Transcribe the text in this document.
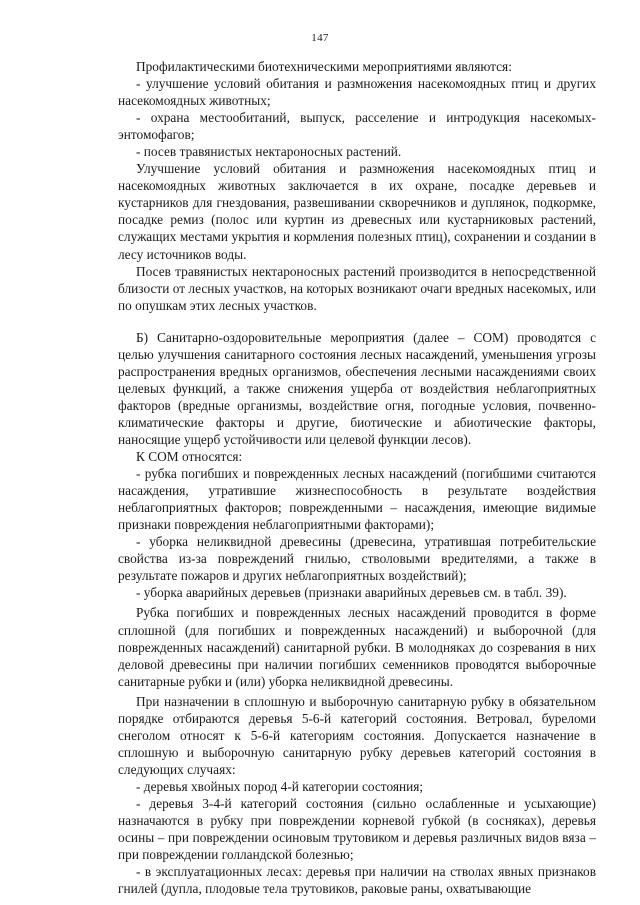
147

Профилактическими биотехническими мероприятиями являются:

- улучшение условий обитания и размножения насекомоядных птиц и других насекомоядных животных;

- охрана местообитаний, выпуск, расселение и интродукция насекомых-энтомофагов;

- посев травянистых нектароносных растений.

Улучшение условий обитания и размножения насекомоядных птиц и насекомоядных животных заключается в их охране, посадке деревьев и кустарников для гнездования, развешивании скворечников и дуплянок, подкормке, посадке ремиз (полос или куртин из древесных или кустарниковых растений, служащих местами укрытия и кормления полезных птиц), сохранении и создании в лесу источников воды.

Посев травянистых нектароносных растений производится в непосредственной близости от лесных участков, на которых возникают очаги вредных насекомых, или по опушкам этих лесных участков.

Б) Санитарно-оздоровительные мероприятия (далее – СОМ) проводятся с целью улучшения санитарного состояния лесных насаждений, уменьшения угрозы распространения вредных организмов, обеспечения лесными насаждениями своих целевых функций, а также снижения ущерба от воздействия неблагоприятных факторов (вредные организмы, воздействие огня, погодные условия, почвенно-климатические факторы и другие, биотические и абиотические факторы, наносящие ущерб устойчивости или целевой функции лесов).

К СОМ относятся:

- рубка погибших и поврежденных лесных насаждений (погибшими считаются насаждения, утратившие жизнеспособность в результате воздействия неблагоприятных факторов; поврежденными – насаждения, имеющие видимые признаки повреждения неблагоприятными факторами);

- уборка неликвидной древесины (древесина, утратившая потребительские свойства из-за повреждений гнилью, стволовыми вредителями, а также в результате пожаров и других неблагоприятных воздействий);

- уборка аварийных деревьев (признаки аварийных деревьев см. в табл. 39).

Рубка погибших и поврежденных лесных насаждений проводится в форме сплошной (для погибших и поврежденных насаждений) и выборочной (для поврежденных насаждений) санитарной рубки. В молодняках до созревания в них деловой древесины при наличии погибших семенников проводятся выборочные санитарные рубки и (или) уборка неликвидной древесины.

При назначении в сплошную и выборочную санитарную рубку в обязательном порядке отбираются деревья 5-6-й категорий состояния. Ветровал, буреломи снеголом относят к 5-6-й категориям состояния. Допускается назначение в сплошную и выборочную санитарную рубку деревьев категорий состояния в следующих случаях:

- деревья хвойных пород 4-й категории состояния;

- деревья 3-4-й категорий состояния (сильно ослабленные и усыхающие) назначаются в рубку при повреждении корневой губкой (в сосняках), деревья осины – при повреждении осиновым трутовиком и деревья различных видов вяза – при повреждении голландской болезнью;

- в эксплуатационных лесах: деревья при наличии на стволах явных признаков гнилей (дупла, плодовые тела трутовиков, раковые раны, охватывающие
